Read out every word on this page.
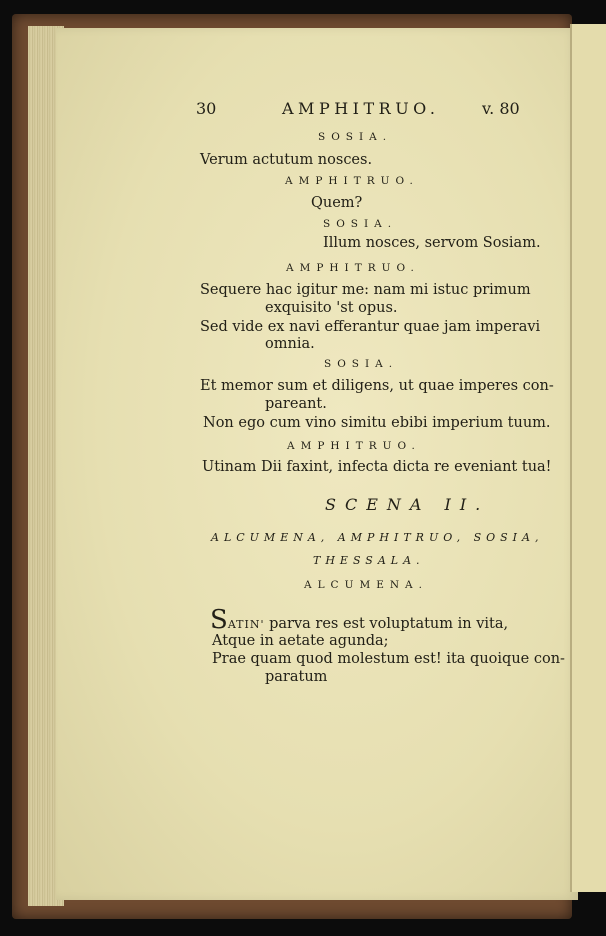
30	AMPHITRUO.	v. 80

SOSIA.

Verum actutum nosces.

AMPHITRUO.

Quem?

SOSIA.

Illum nosces, servom Sosiam.

AMPHITRUO.

Sequere hac igitur me: nam mi istuc primum

exquisito 'st opus.

Sed vide ex navi efferantur quae jam imperavi

omnia.

SOSIA.

Et memor sum et diligens, ut quae imperes con-

pareant.

Non ego cum vino simitu ebibi imperium tuum.

AMPHITRUO.

Utinam Dii faxint, infecta dicta re eveniant tua!

SCENA II.

ALCUMENA, AMPHITRUO, SOSIA,

THESSALA.

ALCUMENA.

SATIN' parva res est voluptatum in vita,

Atque in aetate agunda;

Prae quam quod molestum est! ita quoique con-

paratum
